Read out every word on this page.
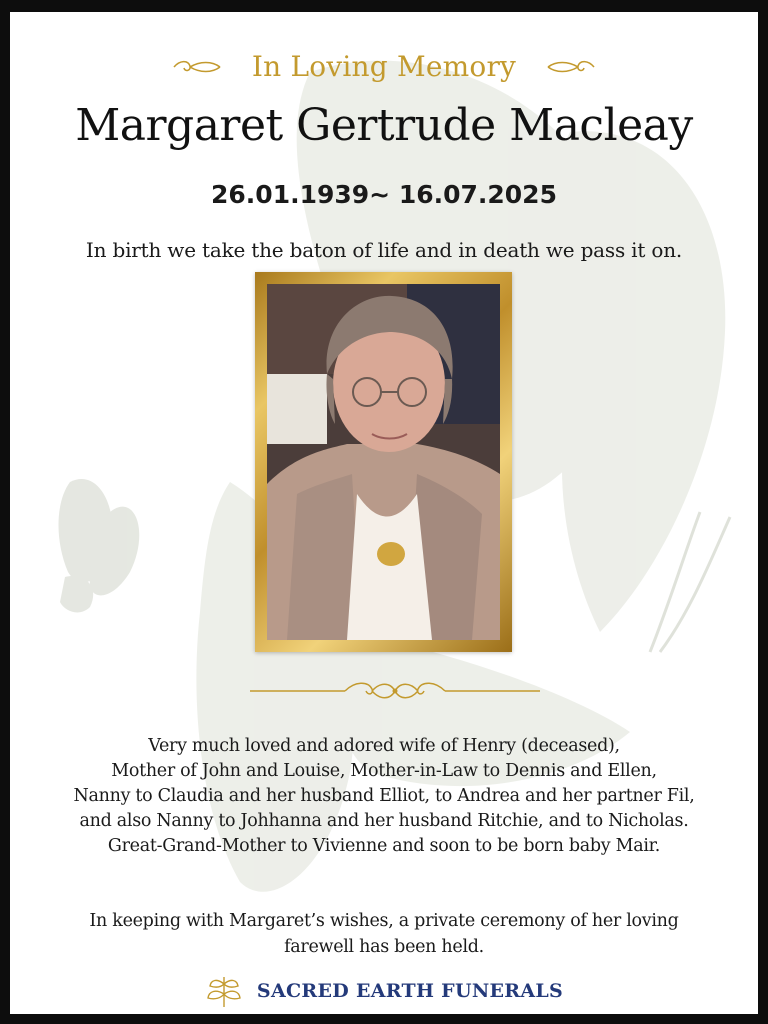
In Loving Memory
Margaret Gertrude Macleay
26.01.1939~ 16.07.2025
In birth we take the baton of life and in death we pass it on.
Very much loved and adored wife of Henry (deceased),
Mother of John and Louise, Mother-in-Law to Dennis and Ellen,
Nanny to Claudia and her husband Elliot, to Andrea and her partner Fil,
and also Nanny to Johhanna and her husband Ritchie, and to Nicholas.
Great-Grand-Mother to Vivienne and soon to be born baby Mair.
In keeping with Margaret’s wishes, a private ceremony of her loving
farewell has been held.
SACRED EARTH FUNERALS
